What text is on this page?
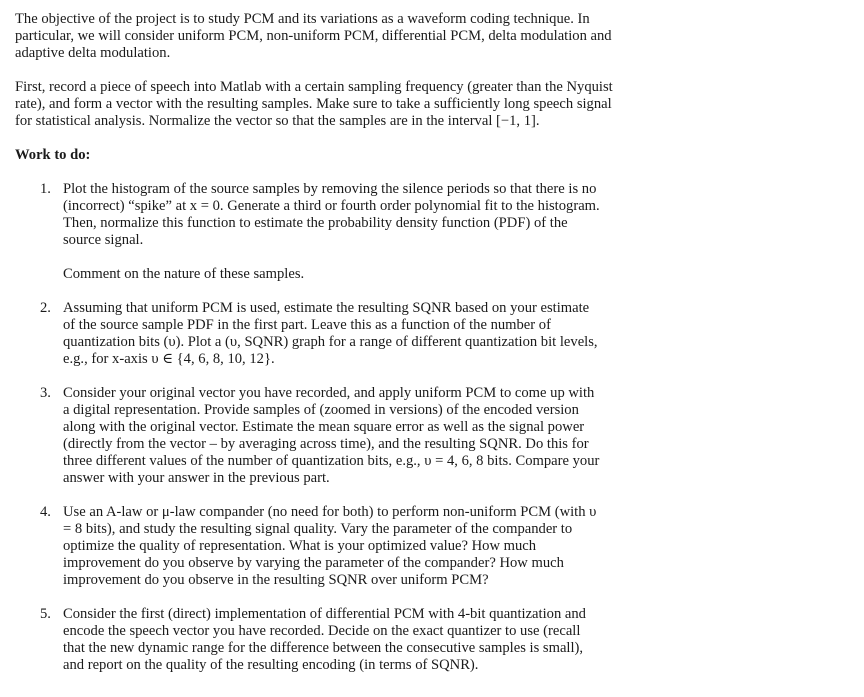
The objective of the project is to study PCM and its variations as a waveform coding technique. In particular, we will consider uniform PCM, non-uniform PCM, differential PCM, delta modulation and adaptive delta modulation.

First, record a piece of speech into Matlab with a certain sampling frequency (greater than the Nyquist rate), and form a vector with the resulting samples. Make sure to take a sufficiently long speech signal for statistical analysis. Normalize the vector so that the samples are in the interval [−1, 1].

Work to do:

1. Plot the histogram of the source samples by removing the silence periods so that there is no (incorrect) “spike” at x = 0. Generate a third or fourth order polynomial fit to the histogram. Then, normalize this function to estimate the probability density function (PDF) of the source signal.

Comment on the nature of these samples.

2. Assuming that uniform PCM is used, estimate the resulting SQNR based on your estimate of the source sample PDF in the first part. Leave this as a function of the number of quantization bits (υ). Plot a (υ, SQNR) graph for a range of different quantization bit levels, e.g., for x-axis υ ∈ {4, 6, 8, 10, 12}.

3. Consider your original vector you have recorded, and apply uniform PCM to come up with a digital representation. Provide samples of (zoomed in versions) of the encoded version along with the original vector. Estimate the mean square error as well as the signal power (directly from the vector – by averaging across time), and the resulting SQNR. Do this for three different values of the number of quantization bits, e.g., υ = 4, 6, 8 bits. Compare your answer with your answer in the previous part.

4. Use an A-law or μ-law compander (no need for both) to perform non-uniform PCM (with υ = 8 bits), and study the resulting signal quality. Vary the parameter of the compander to optimize the quality of representation. What is your optimized value? How much improvement do you observe by varying the parameter of the compander? How much improvement do you observe in the resulting SQNR over uniform PCM?

5. Consider the first (direct) implementation of differential PCM with 4-bit quantization and encode the speech vector you have recorded. Decide on the exact quantizer to use (recall that the new dynamic range for the difference between the consecutive samples is small), and report on the quality of the resulting encoding (in terms of SQNR).
